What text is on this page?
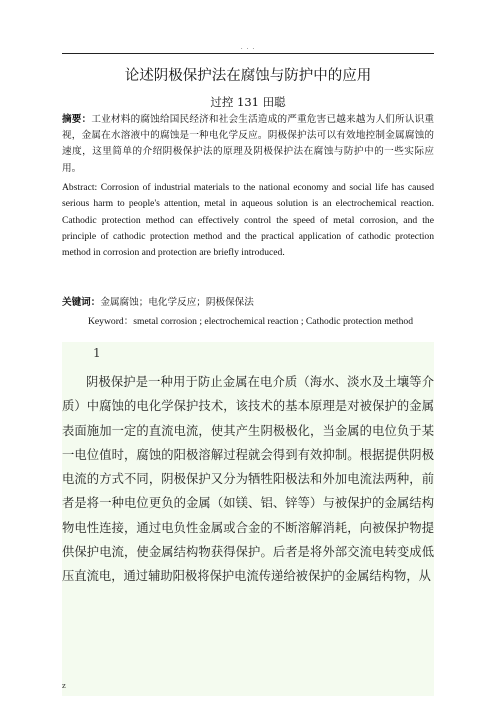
. . .
论述阴极保护法在腐蚀与防护中的应用
过控 131 田聪
摘要：工业材料的腐蚀给国民经济和社会生活造成的严重危害已越来越为人们所认识重视，金属在水溶液中的腐蚀是一种电化学反应。阴极保护法可以有效地控制金属腐蚀的速度，这里简单的介绍阴极保护法的原理及阴极保护法在腐蚀与防护中的一些实际应用。
Abstract: Corrosion of industrial materials to the national economy and social life has caused serious harm to people's attention, metal in aqueous solution is an electrochemical reaction. Cathodic protection method can effectively control the speed of metal corrosion, and the principle of cathodic protection method and the practical application of cathodic protection method in corrosion and protection are briefly introduced.
关键词：金属腐蚀；电化学反应；阴极保保法
Keyword：smetal corrosion ; electrochemical reaction ; Cathodic protection method
1
阴极保护是一种用于防止金属在电介质（海水、淡水及土壤等介质）中腐蚀的电化学保护技术，该技术的基本原理是对被保护的金属表面施加一定的直流电流，使其产生阴极极化，当金属的电位负于某一电位值时，腐蚀的阳极溶解过程就会得到有效抑制。根据提供阴极电流的方式不同，阴极保护又分为牺牲阳极法和外加电流法两种，前者是将一种电位更负的金属（如镁、铝、锌等）与被保护的金属结构物电性连接，通过电负性金属或合金的不断溶解消耗，向被保护物提供保护电流，使金属结构物获得保护。后者是将外部交流电转变成低压直流电，通过辅助阳极将保护电流传递给被保护的金属结构物，从
z
